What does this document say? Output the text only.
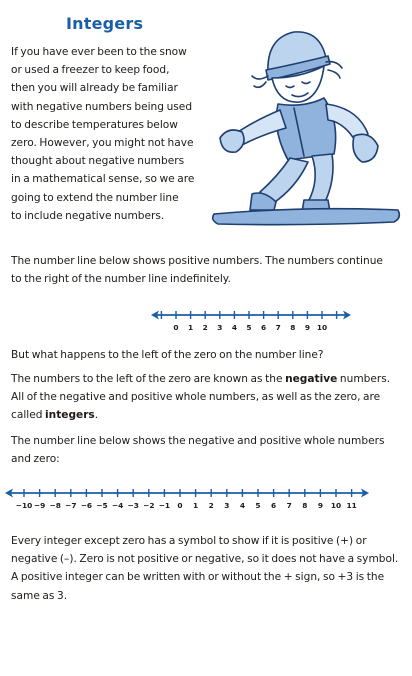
Integers
If you have ever been to the snow
or used a freezer to keep food,
then you will already be familiar
with negative numbers being used
to describe temperatures below
zero. However, you might not have
thought about negative numbers
in a mathematical sense, so we are
going to extend the number line
to include negative numbers.
The number line below shows positive numbers. The numbers continue
to the right of the number line indefinitely.
0 1 2 3 4 5 6 7 8 9 10
But what happens to the left of the zero on the number line?
The numbers to the left of the zero are known as the negative numbers.
All of the negative and positive whole numbers, as well as the zero, are
called integers.
The number line below shows the negative and positive whole numbers
and zero:
−10 −9 −8 −7 −6 −5 −4 −3 −2 −1 0 1 2 3 4 5 6 7 8 9 10 11
Every integer except zero has a symbol to show if it is positive (+) or
negative (–). Zero is not positive or negative, so it does not have a symbol.
A positive integer can be written with or without the + sign, so +3 is the
same as 3.
